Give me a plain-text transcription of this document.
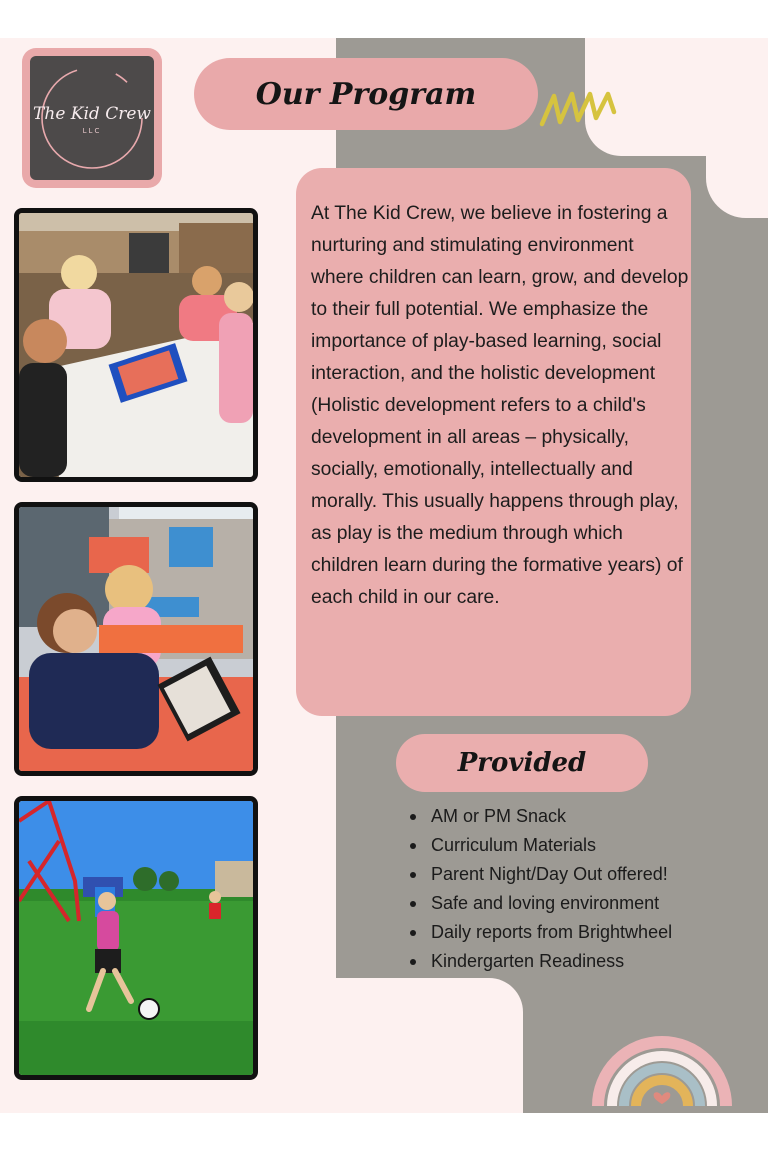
The Kid Crew
LLC
Our Program
At The Kid Crew, we believe in fostering a nurturing and stimulating environment where children can learn, grow, and develop to their full potential. We emphasize the importance of play-based learning, social interaction, and the holistic development (Holistic development refers to a child's development in all areas – physically, socially, emotionally, intellectually and morally. This usually happens through play, as play is the medium through which children learn during the formative years) of each child in our care.
Provided
AM or PM Snack
Curriculum Materials
Parent Night/Day Out offered!
Safe and loving environment
Daily reports from Brightwheel
Kindergarten Readiness
